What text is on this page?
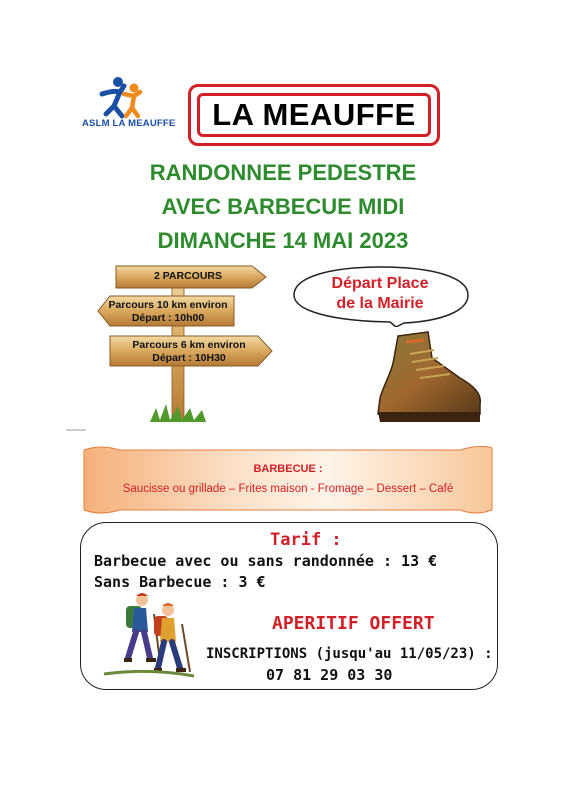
ASLM LA MEAUFFE LA MEAUFFE
RANDONNEE PEDESTRE
AVEC BARBECUE MIDI
DIMANCHE 14 MAI 2023
2 PARCOURS
Parcours 10 km environ
Départ : 10h00
Parcours 6 km environ
Départ : 10H30
Départ Place
de la Mairie
BARBECUE :
Saucisse ou grillade – Frites maison - Fromage – Dessert – Café
Tarif :
Barbecue avec ou sans randonnée : 13 €
Sans Barbecue : 3 €
APERITIF OFFERT
INSCRIPTIONS (jusqu'au 11/05/23) :
07 81 29 03 30
